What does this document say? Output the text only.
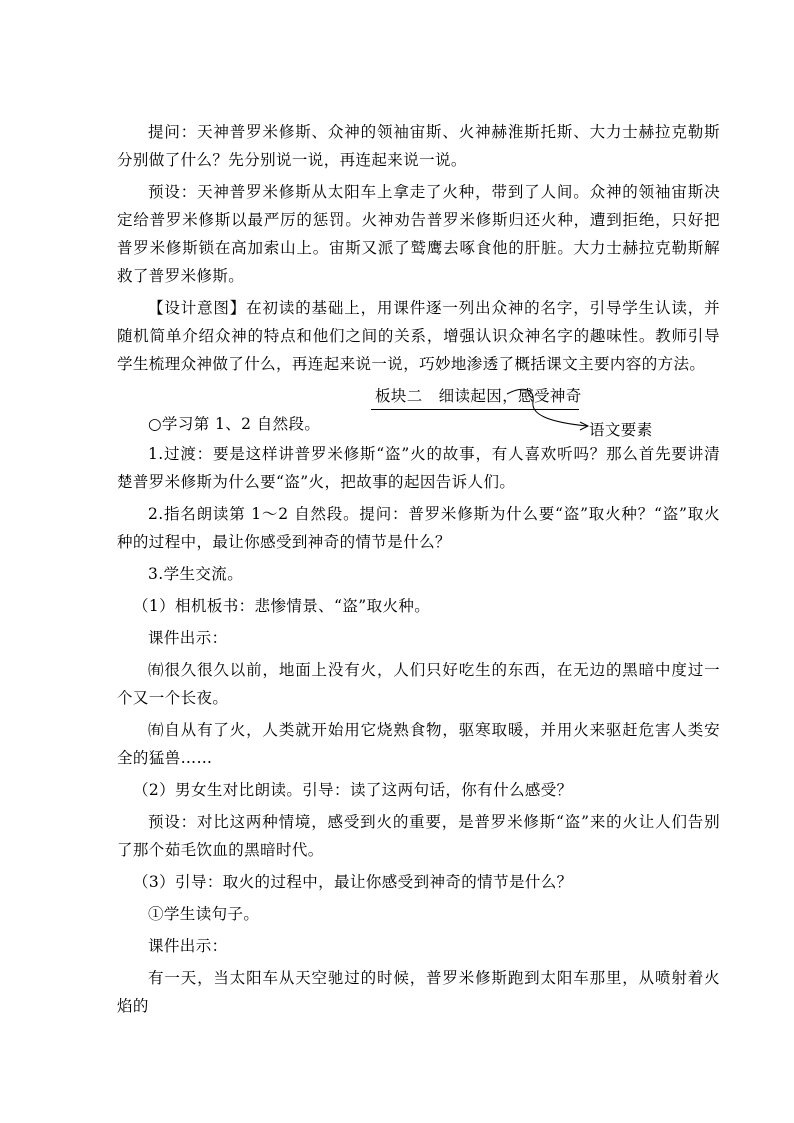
提问：天神普罗米修斯、众神的领袖宙斯、火神赫淮斯托斯、大力士赫拉克勒斯分别做了什么？先分别说一说，再连起来说一说。

预设：天神普罗米修斯从太阳车上拿走了火种，带到了人间。众神的领袖宙斯决定给普罗米修斯以最严厉的惩罚。火神劝告普罗米修斯归还火种，遭到拒绝，只好把普罗米修斯锁在高加索山上。宙斯又派了鹫鹰去啄食他的肝脏。大力士赫拉克勒斯解救了普罗米修斯。

【设计意图】在初读的基础上，用课件逐一列出众神的名字，引导学生认读，并随机简单介绍众神的特点和他们之间的关系，增强认识众神名字的趣味性。教师引导学生梳理众神做了什么，再连起来说一说，巧妙地渗透了概括课文主要内容的方法。

板块二　细读起因，感受神奇

○学习第 1、2 自然段。	语文要素

1.过渡：要是这样讲普罗米修斯“盗”火的故事，有人喜欢听吗？那么首先要讲清楚普罗米修斯为什么要“盗”火，把故事的起因告诉人们。

2.指名朗读第 1～2 自然段。提问：普罗米修斯为什么要“盗”取火种？“盗”取火种的过程中，最让你感受到神奇的情节是什么？

3.学生交流。

（1）相机板书：悲惨情景、“盗”取火种。

课件出示：

㈲很久很久以前，地面上没有火，人们只好吃生的东西，在无边的黑暗中度过一个又一个长夜。

㈲自从有了火，人类就开始用它烧熟食物，驱寒取暖，并用火来驱赶危害人类安全的猛兽……

（2）男女生对比朗读。引导：读了这两句话，你有什么感受？

预设：对比这两种情境，感受到火的重要，是普罗米修斯“盗”来的火让人们告别了那个茹毛饮血的黑暗时代。

（3）引导：取火的过程中，最让你感受到神奇的情节是什么？

①学生读句子。

课件出示：

有一天，当太阳车从天空驰过的时候，普罗米修斯跑到太阳车那里，从喷射着火焰的
